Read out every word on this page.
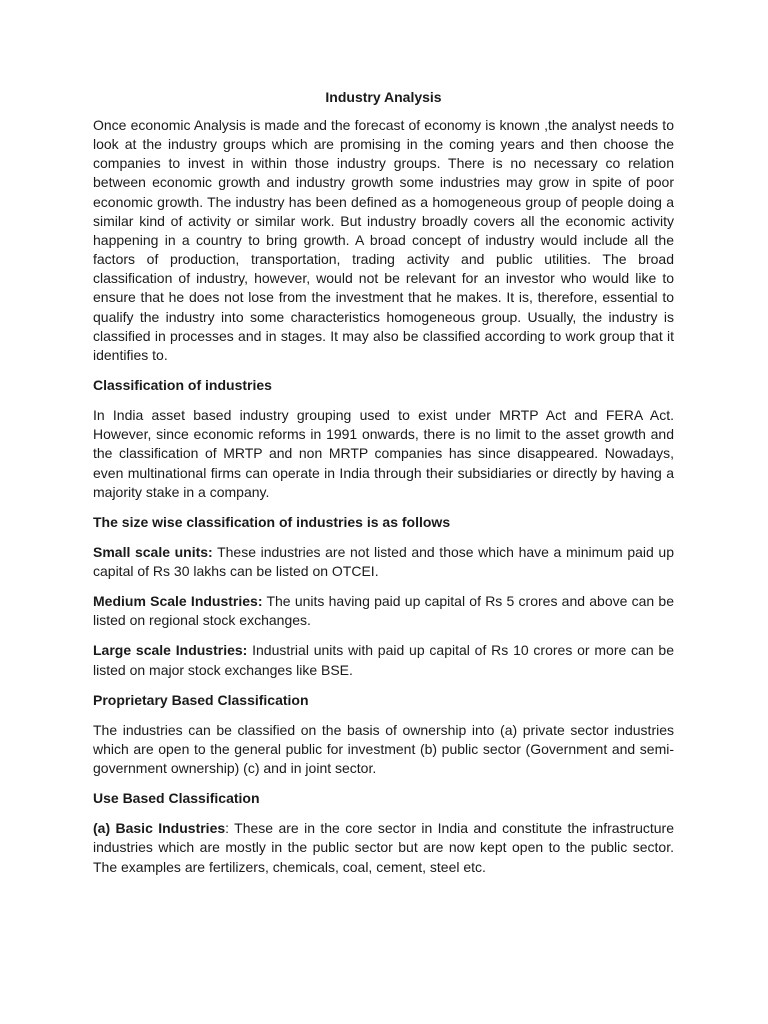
Industry Analysis

Once economic Analysis is made and the forecast of economy is known ,the analyst needs to look at the industry groups which are promising in the coming years and then choose the companies to invest in within those industry groups. There is no necessary co relation between economic growth and industry growth some industries may grow in spite of poor economic growth. The industry has been defined as a homogeneous group of people doing a similar kind of activity or similar work. But industry broadly covers all the economic activity happening in a country to bring growth. A broad concept of industry would include all the factors of production, transportation, trading activity and public utilities. The broad classification of industry, however, would not be relevant for an investor who would like to ensure that he does not lose from the investment that he makes. It is, therefore, essential to qualify the industry into some characteristics homogeneous group. Usually, the industry is classified in processes and in stages. It may also be classified according to work group that it identifies to.

Classification of industries

In India asset based industry grouping used to exist under MRTP Act and FERA Act. However, since economic reforms in 1991 onwards, there is no limit to the asset growth and the classification of MRTP and non MRTP companies has since disappeared. Nowadays, even multinational firms can operate in India through their subsidiaries or directly by having a majority stake in a company.

The size wise classification of industries is as follows

Small scale units: These industries are not listed and those which have a minimum paid up capital of Rs 30 lakhs can be listed on OTCEI.

Medium Scale Industries: The units having paid up capital of Rs 5 crores and above can be listed on regional stock exchanges.

Large scale Industries: Industrial units with paid up capital of Rs 10 crores or more can be listed on major stock exchanges like BSE.

Proprietary Based Classification

The industries can be classified on the basis of ownership into (a) private sector industries which are open to the general public for investment (b) public sector (Government and semi-government ownership) (c) and in joint sector.

Use Based Classification

(a) Basic Industries: These are in the core sector in India and constitute the infrastructure industries which are mostly in the public sector but are now kept open to the public sector. The examples are fertilizers, chemicals, coal, cement, steel etc.
